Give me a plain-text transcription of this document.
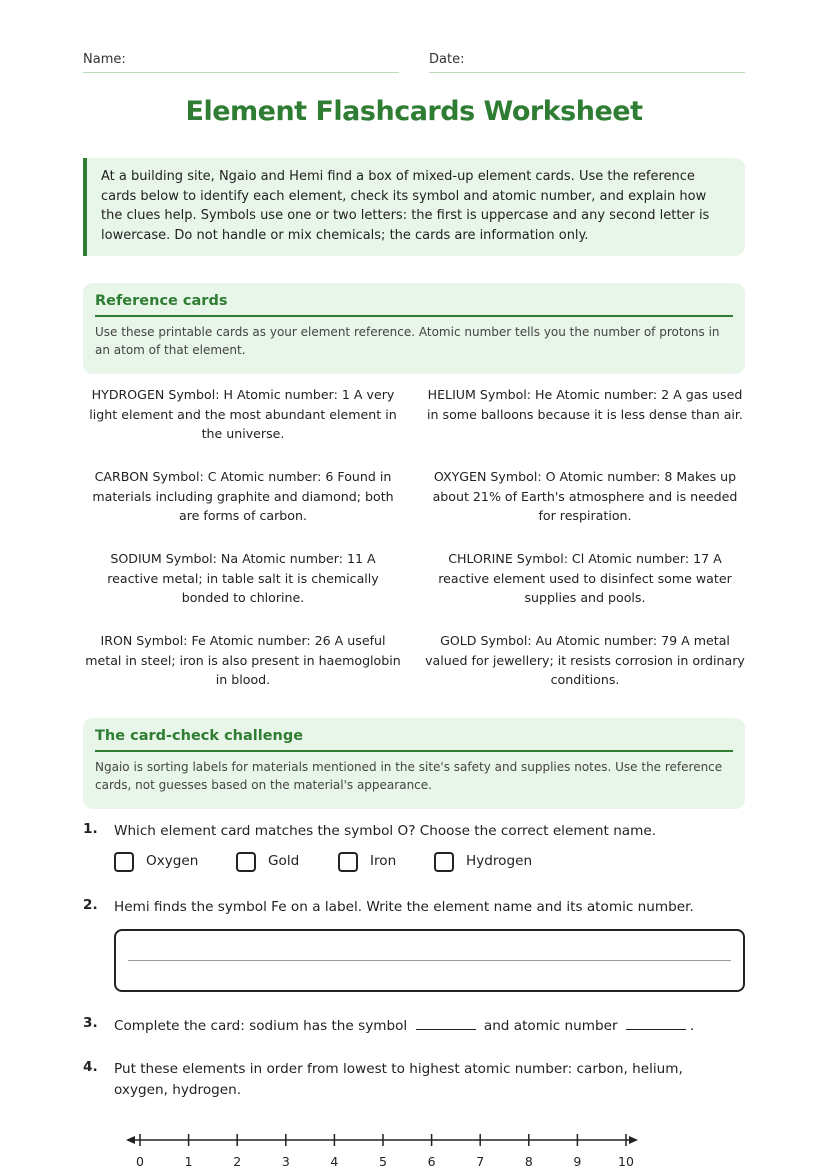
Name:	Date:
Element Flashcards Worksheet
At a building site, Ngaio and Hemi find a box of mixed-up element cards. Use the reference cards below to identify each element, check its symbol and atomic number, and explain how the clues help. Symbols use one or two letters: the first is uppercase and any second letter is lowercase. Do not handle or mix chemicals; the cards are information only.
Reference cards

Use these printable cards as your element reference. Atomic number tells you the number of protons in an atom of that element.

HYDROGEN Symbol: H Atomic number: 1 A very light element and the most abundant element in the universe.
HELIUM Symbol: He Atomic number: 2 A gas used in some balloons because it is less dense than air.
CARBON Symbol: C Atomic number: 6 Found in materials including graphite and diamond; both are forms of carbon.
OXYGEN Symbol: O Atomic number: 8 Makes up about 21% of Earth's atmosphere and is needed for respiration.
SODIUM Symbol: Na Atomic number: 11 A reactive metal; in table salt it is chemically bonded to chlorine.
CHLORINE Symbol: Cl Atomic number: 17 A reactive element used to disinfect some water supplies and pools.
IRON Symbol: Fe Atomic number: 26 A useful metal in steel; iron is also present in haemoglobin in blood.
GOLD Symbol: Au Atomic number: 79 A metal valued for jewellery; it resists corrosion in ordinary conditions.
The card-check challenge

Ngaio is sorting labels for materials mentioned in the site's safety and supplies notes. Use the reference cards, not guesses based on the material's appearance.

1. Which element card matches the symbol O? Choose the correct element name.
Oxygen	Gold	Iron	Hydrogen
2. Hemi finds the symbol Fe on a label. Write the element name and its atomic number.
3. Complete the card: sodium has the symbol	and atomic number	.
4. Put these elements in order from lowest to highest atomic number: carbon, helium, oxygen, hydrogen.
0	1	2	3	4	5	6	7	8	9	10
